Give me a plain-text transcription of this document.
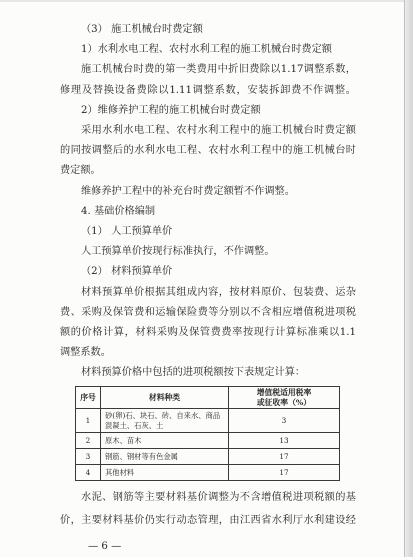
（3） 施工机械台时费定额
1）水利水电工程、农村水利工程的施工机械台时费定额
施工机械台时费的第一类费用中折旧费除以1.17调整系数，
修理及替换设备费除以1.11调整系数，安装拆卸费不作调整。
2）维修养护工程的施工机械台时费定额
采用水利水电工程、农村水利工程中的施工机械台时费定额
的同按调整后的水利水电工程、农村水利工程中的施工机械台时
费定额。
维修养护工程中的补充台时费定额暂不作调整。
4. 基础价格编制
（1） 人工预算单价
人工预算单价按现行标准执行，不作调整。
（2） 材料预算单价
材料预算单价根据其组成内容，按材料原价、包装费、运杂
费、采购及保管费和运输保险费等分别以不含相应增值税进项税
额的价格计算，材料采购及保管费费率按现行计算标准乘以1.1
调整系数。
材料预算价格中包括的进项税额按下表规定计算：
序号	材料种类	增值税适用税率或征收率（%）
1	砂(卵)石、块石、砖、自来水、商品混凝土、石灰、土	3
2	原木、苗木	13
3	钢筋、钢材等有色金属	17
4	其他材料	17
水泥、钢筋等主要材料基价调整为不含增值税进项税额的基
价，主要材料基价仍实行动态管理，由江西省水利厅水利建设经
— 6 —
